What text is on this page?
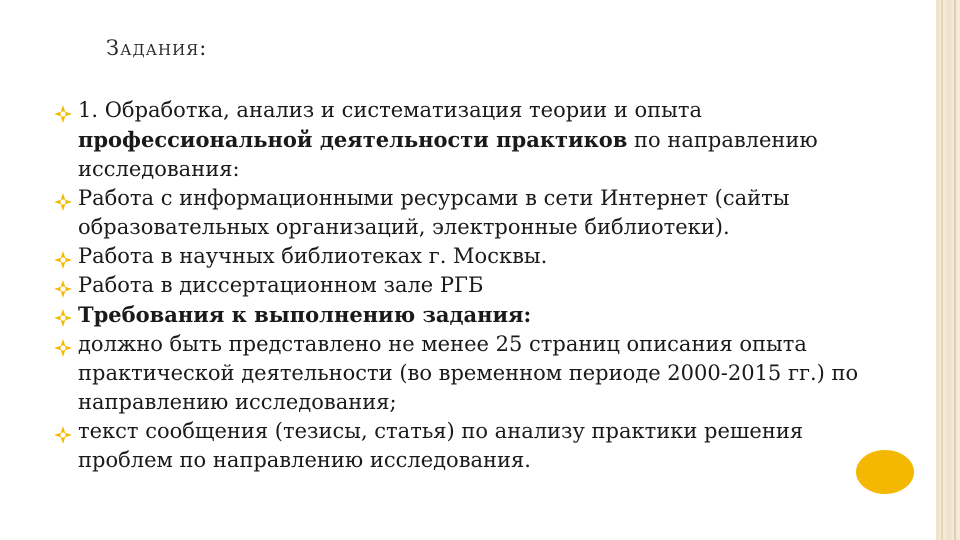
Задания:
1. Обработка, анализ и систематизация теории и опыта профессиональной деятельности практиков по направлению исследования:
Работа с информационными ресурсами в сети Интернет (сайты образовательных организаций, электронные библиотеки).
Работа в научных библиотеках г. Москвы.
Работа в диссертационном зале РГБ
Требования к выполнению задания:
должно быть представлено не менее 25 страниц описания опыта практической деятельности (во временном периоде 2000-2015 гг.) по направлению исследования;
текст сообщения (тезисы, статья) по анализу практики решения проблем по направлению исследования.
